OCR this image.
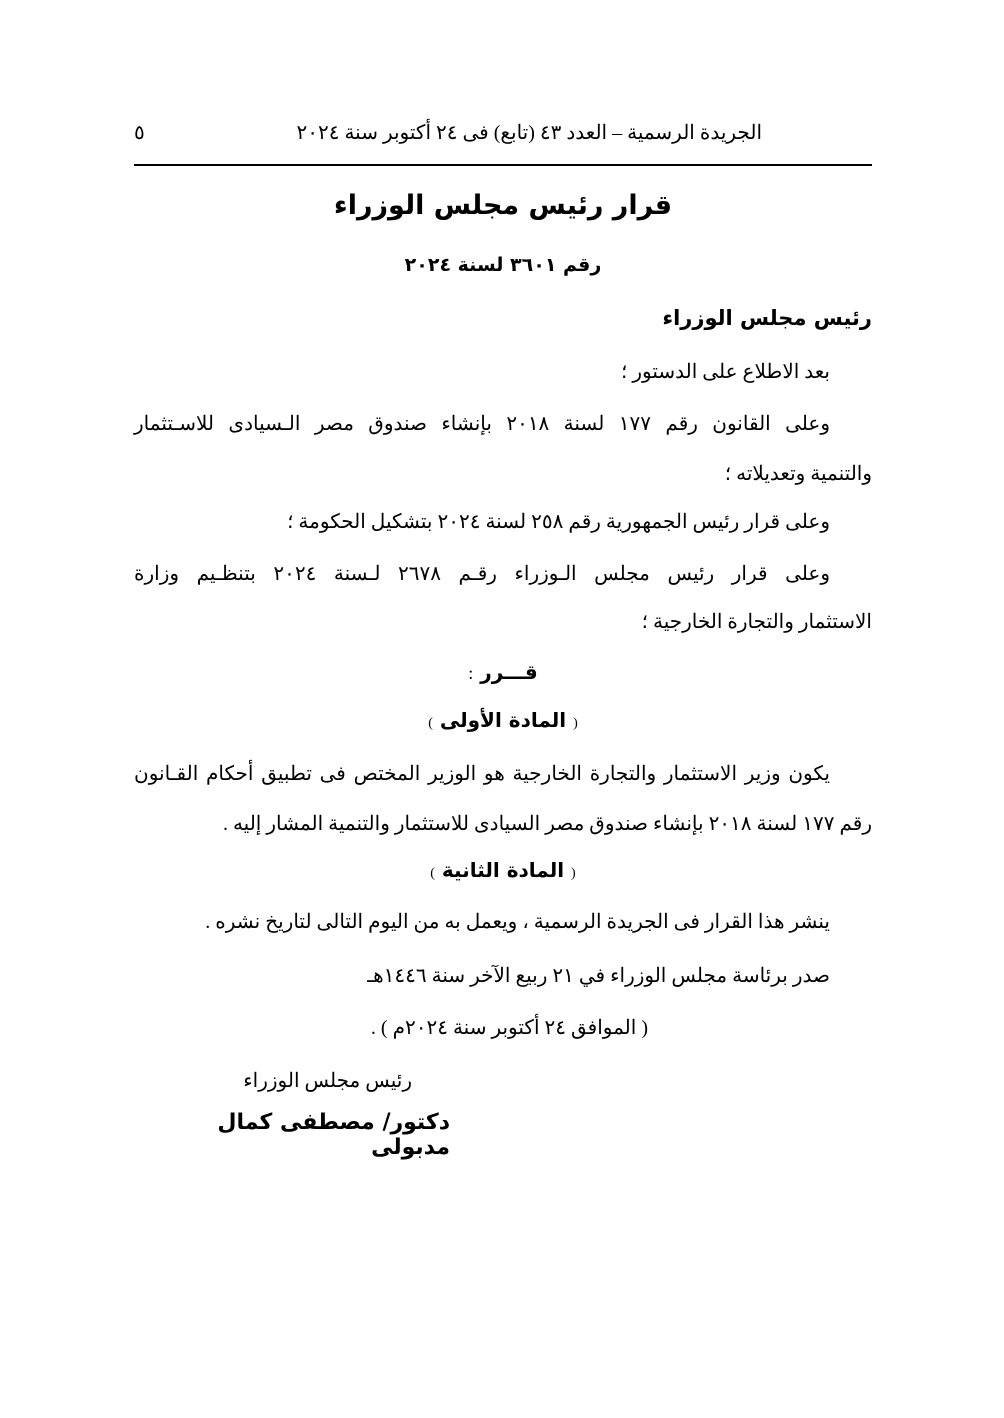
الجريدة الرسمية – العدد ٤٣ (تابع) فى ٢٤ أكتوبر سنة ٢٠٢٤
٥
قرار رئيس مجلس الوزراء
رقم ٣٦٠١ لسنة ٢٠٢٤
رئيس مجلس الوزراء
بعد الاطلاع على الدستور ؛
وعلى القانون رقم ١٧٧ لسنة ٢٠١٨ بإنشاء صندوق مصر الـسيادى للاسـتثمار
والتنمية وتعديلاته ؛
وعلى قرار رئيس الجمهورية رقم ٢٥٨ لسنة ٢٠٢٤ بتشكيل الحكومة ؛
وعلى قرار رئيس مجلس الـوزراء رقـم ٢٦٧٨ لـسنة ٢٠٢٤ بتنظـيم وزارة
الاستثمار والتجارة الخارجية ؛
قـــرر :
( المادة الأولى )
يكون وزير الاستثمار والتجارة الخارجية هو الوزير المختص فى تطبيق أحكام القـانون
رقم ١٧٧ لسنة ٢٠١٨ بإنشاء صندوق مصر السيادى للاستثمار والتنمية المشار إليه .
( المادة الثانية )
ينشر هذا القرار فى الجريدة الرسمية ، ويعمل به من اليوم التالى لتاريخ نشره .
صدر برئاسة مجلس الوزراء في ٢١ ربيع الآخر سنة ١٤٤٦هـ
( الموافق ٢٤ أكتوبر سنة ٢٠٢٤م ) .
رئيس مجلس الوزراء
دكتور/ مصطفى كمال مدبولى
